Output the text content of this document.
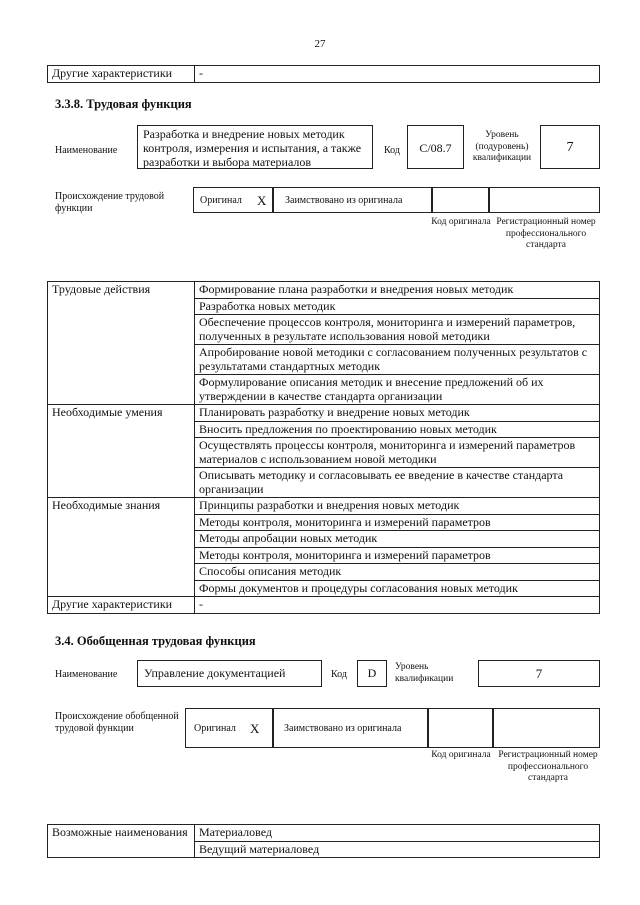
27
Другие характеристики	-
3.3.8. Трудовая функция
Наименование
Разработка и внедрение новых методик контроля, измерения и испытания, а также разработки и выбора материалов
Код	С/08.7
Уровень (подуровень) квалификации
7
Происхождение трудовой функции
Оригинал X Заимствовано из оригинала
Код оригинала Регистрационный номер профессионального стандарта
Трудовые действия	Формирование плана разработки и внедрения новых методик
	Разработка новых методик
	Обеспечение процессов контроля, мониторинга и измерений параметров, полученных в результате использования новой методики
	Апробирование новой методики с согласованием полученных результатов с результатами стандартных методик
	Формулирование описания методик и внесение предложений об их утверждении в качестве стандарта организации
Необходимые умения	Планировать разработку и внедрение новых методик
	Вносить предложения по проектированию новых методик
	Осуществлять процессы контроля, мониторинга и измерений параметров материалов с использованием новой методики
	Описывать методику и согласовывать ее введение в качестве стандарта организации
Необходимые знания	Принципы разработки и внедрения новых методик
	Методы контроля, мониторинга и измерений параметров
	Методы апробации новых методик
	Методы контроля, мониторинга и измерений параметров
	Способы описания методик
	Формы документов и процедуры согласования новых методик
Другие характеристики	-
3.4. Обобщенная трудовая функция
Наименование	Управление документацией	Код	D	Уровень квалификации	7
Происхождение обобщенной трудовой функции	Оригинал X Заимствовано из оригинала
Код оригинала Регистрационный номер профессионального стандарта
Возможные наименования	Материаловед
Ведущий материаловед
